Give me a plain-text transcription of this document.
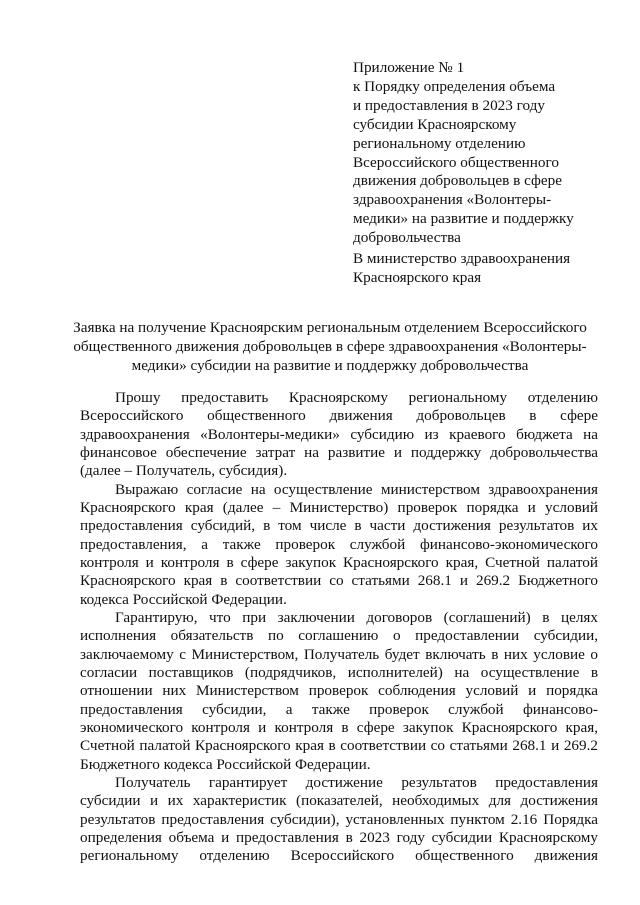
Приложение № 1
к Порядку определения объема
и предоставления в 2023 году
субсидии Красноярскому
региональному отделению
Всероссийского общественного
движения добровольцев в сфере
здравоохранения «Волонтеры-
медики» на развитие и поддержку
добровольчества
В министерство здравоохранения
Красноярского края
Заявка на получение Красноярским региональным отделением Всероссийского
общественного движения добровольцев в сфере здравоохранения «Волонтеры-
медики» субсидии на развитие и поддержку добровольчества

Прошу предоставить Красноярскому региональному отделению Всероссийского общественного движения добровольцев в сфере здравоохранения «Волонтеры-медики» субсидию из краевого бюджета на финансовое обеспечение затрат на развитие и поддержку добровольчества (далее – Получатель, субсидия).

Выражаю согласие на осуществление министерством здравоохранения Красноярского края (далее – Министерство) проверок порядка и условий предоставления субсидий, в том числе в части достижения результатов их предоставления, а также проверок службой финансово-экономического контроля и контроля в сфере закупок Красноярского края, Счетной палатой Красноярского края в соответствии со статьями 268.1 и 269.2 Бюджетного кодекса Российской Федерации.

Гарантирую, что при заключении договоров (соглашений) в целях исполнения обязательств по соглашению о предоставлении субсидии, заключаемому с Министерством, Получатель будет включать в них условие о согласии поставщиков (подрядчиков, исполнителей) на осуществление в отношении них Министерством проверок соблюдения условий и порядка предоставления субсидии, а также проверок службой финансово-экономического контроля и контроля в сфере закупок Красноярского края, Счетной палатой Красноярского края в соответствии со статьями 268.1 и 269.2 Бюджетного кодекса Российской Федерации.

Получатель гарантирует достижение результатов предоставления субсидии и их характеристик (показателей, необходимых для достижения результатов предоставления субсидии), установленных пунктом 2.16 Порядка определения объема и предоставления в 2023 году субсидии Красноярскому региональному отделению Всероссийского общественного движения
